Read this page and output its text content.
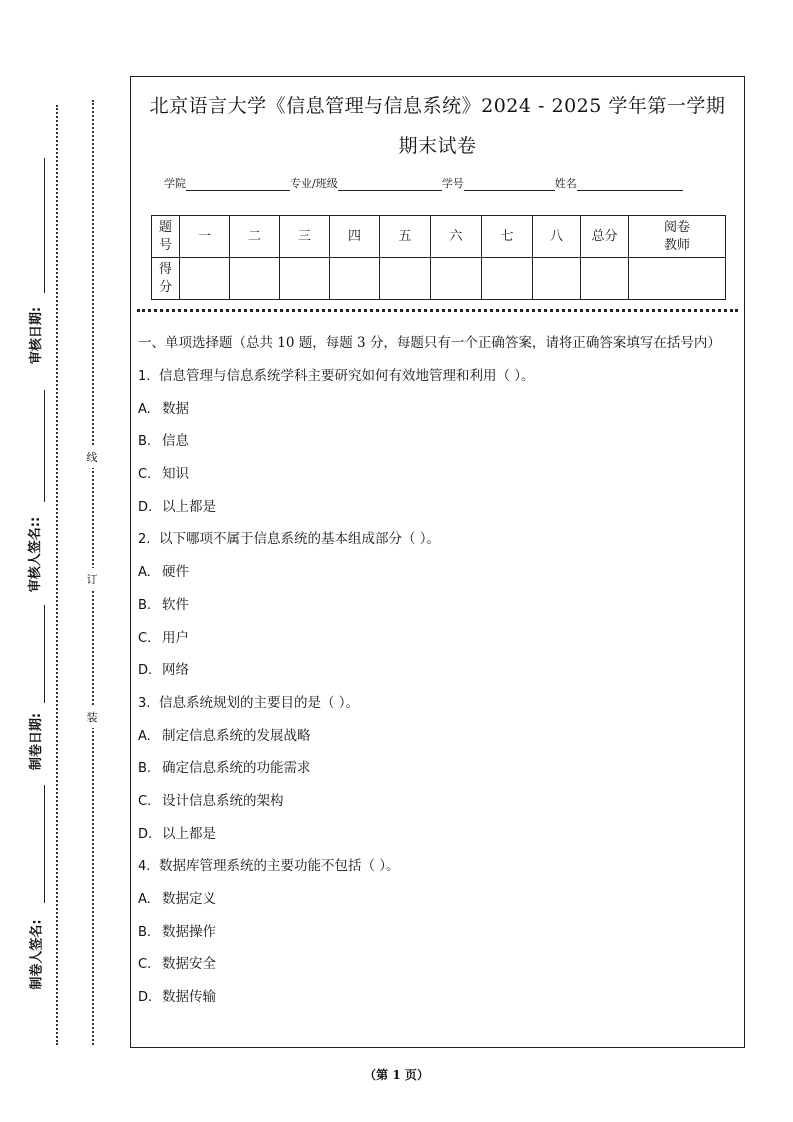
审核日期:
审核人签名::
制卷日期:
制卷人签名:
线
订
装
北京语言大学《信息管理与信息系统》2024 - 2025 学年第一学期
期末试卷
学院	专业/班级	学号	姓名
题号	一	二	三	四	五	六	七	八	总分	阅卷教师

得分										

一、单项选择题（总共 10 题，每题 3 分，每题只有一个正确答案，请将正确答案填写在括号内）
1. 信息管理与信息系统学科主要研究如何有效地管理和利用（ ）。
A. 数据
B. 信息
C. 知识
D. 以上都是
2. 以下哪项不属于信息系统的基本组成部分（ ）。
A. 硬件
B. 软件
C. 用户
D. 网络
3. 信息系统规划的主要目的是（ ）。
A. 制定信息系统的发展战略
B. 确定信息系统的功能需求
C. 设计信息系统的架构
D. 以上都是
4. 数据库管理系统的主要功能不包括（ ）。
A. 数据定义
B. 数据操作
C. 数据安全
D. 数据传输
（第 1 页）
